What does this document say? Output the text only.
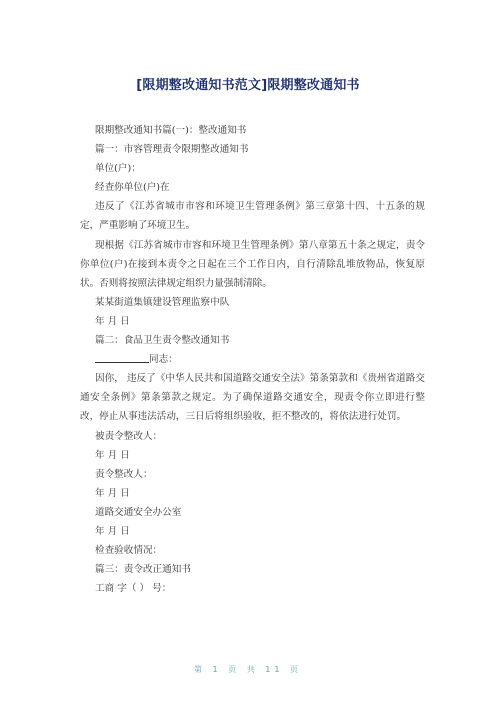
[限期整改通知书范文]限期整改通知书

限期整改通知书篇(一)：整改通知书

篇一：市容管理责令限期整改通知书

单位(户)：

经查你单位(户)在

违反了《江苏省城市市容和环境卫生管理条例》第三章第十四、十五条的规定，严重影响了环境卫生。

现根据《江苏省城市市容和环境卫生管理条例》第八章第五十条之规定，责令你单位(户)在接到本责令之日起在三个工作日内，自行清除乱堆放物品，恢复原状。否则将按照法律规定组织力量强制清除。

某某街道集镇建设管理监察中队

年 月 日

篇二：食品卫生责令整改通知书

同志：

因你， 违反了《中华人民共和国道路交通安全法》第条第款和《贵州省道路交通安全条例》第条第款之规定。为了确保道路交通安全，现责令你立即进行整改，停止从事违法活动，三日后将组织验收，拒不整改的，将依法进行处罚。

被责令整改人：

年 月 日

责令整改人：

年 月 日

道路交通安全办公室

年 月 日

检查验收情况：

篇三：责令改正通知书

工商 字（ ） 号：

第 1 页 共 11 页
